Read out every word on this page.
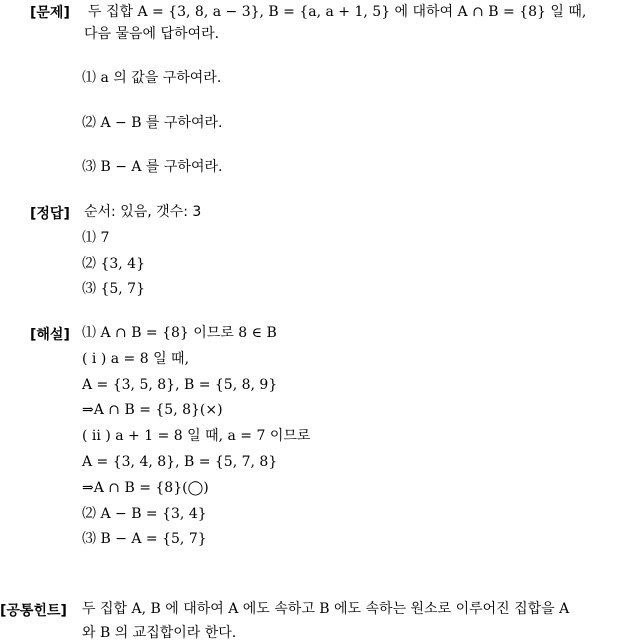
[문제] 두 집합 A = {3, 8, a − 3}, B = {a, a + 1, 5} 에 대하여 A ∩ B = {8} 일 때,
다음 물음에 답하여라.
⑴ a 의 값을 구하여라.
⑵ A − B 를 구하여라.
⑶ B − A 를 구하여라.
[정답] 순서: 있음, 갯수: 3
⑴ 7
⑵ {3, 4}
⑶ {5, 7}
[해설] ⑴ A ∩ B = {8} 이므로 8 ∈ B
( i ) a = 8 일 때,
A = {3, 5, 8}, B = {5, 8, 9}
⇒A ∩ B = {5, 8}(×)
( ii ) a + 1 = 8 일 때, a = 7 이므로
A = {3, 4, 8}, B = {5, 7, 8}
⇒A ∩ B = {8}(◯)
⑵ A − B = {3, 4}
⑶ B − A = {5, 7}
[공통힌트] 두 집합 A, B 에 대하여 A 에도 속하고 B 에도 속하는 원소로 이루어진 집합을 A
와 B 의 교집합이라 한다.
